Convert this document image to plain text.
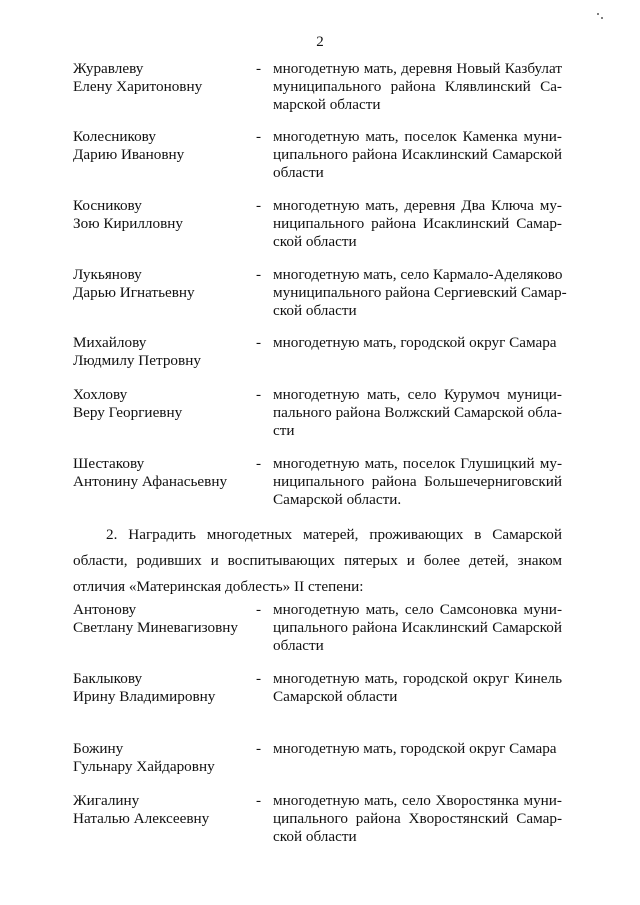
2
Журавлеву
Елену Харитоновну
- многодетную мать, деревня Новый Казбулат
муниципального района Клявлинский Са-
марской области
Колесникову
Дарию Ивановну
- многодетную мать, поселок Каменка муни-
ципального района Исаклинский Самарской
области
Косникову
Зою Кирилловну
- многодетную мать, деревня Два Ключа му-
ниципального района Исаклинский Самар-
ской области
Лукьянову
Дарью Игнатьевну
- многодетную мать, село Кармало-Аделяково
муниципального района Сергиевский Самар-
ской области
Михайлову
Людмилу Петровну
- многодетную мать, городской округ Самара
Хохлову
Веру Георгиевну
- многодетную мать, село Курумоч муници-
пального района Волжский Самарской обла-
сти
Шестакову
Антонину Афанасьевну
- многодетную мать, поселок Глушицкий му-
ниципального района Большечерниговский
Самарской области.
2. Наградить многодетных матерей, проживающих в Самарской
области, родивших и воспитывающих пятерых и более детей, знаком
отличия «Материнская доблесть» II степени:
Антонову
Светлану Миневагизовну
- многодетную мать, село Самсоновка муни-
ципального района Исаклинский Самарской
области
Баклыкову
Ирину Владимировну
- многодетную мать, городской округ Кинель
Самарской области
Божину
Гульнару Хайдаровну
- многодетную мать, городской округ Самара
Жигалину
Наталью Алексеевну
- многодетную мать, село Хворостянка муни-
ципального района Хворостянский Самар-
ской области
